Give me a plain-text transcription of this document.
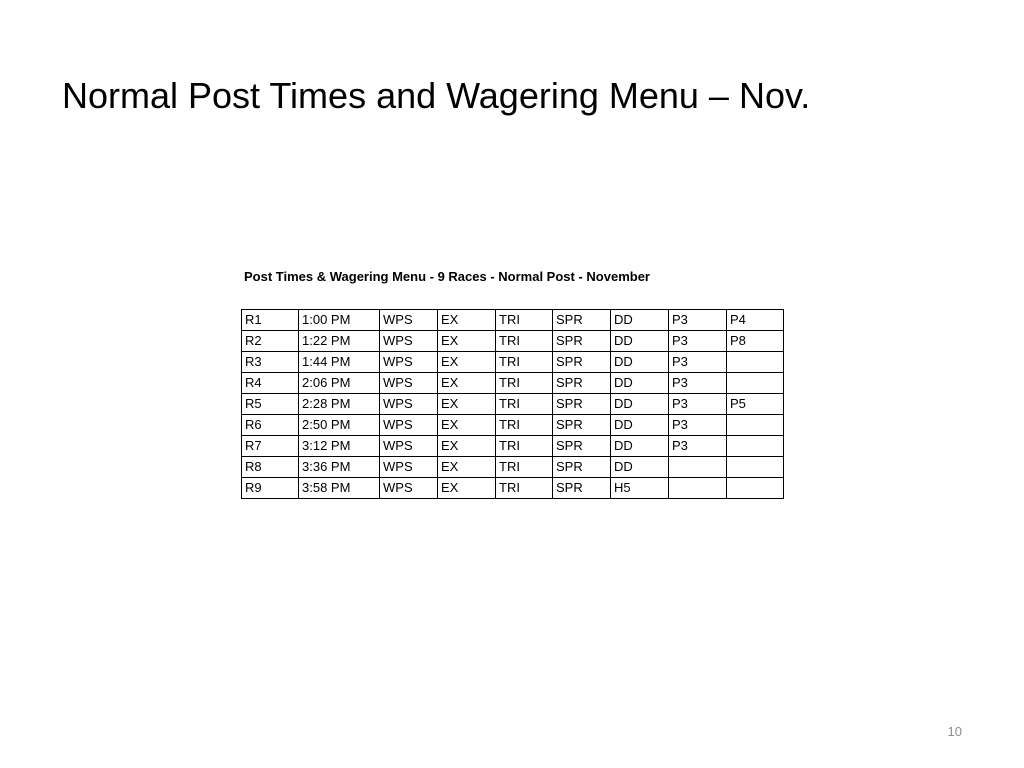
Normal Post Times and Wagering Menu – Nov.
Post Times & Wagering Menu - 9 Races - Normal Post - November
R1	1:00 PM	WPS	EX	TRI	SPR	DD	P3	P4
R2	1:22 PM	WPS	EX	TRI	SPR	DD	P3	P8
R3	1:44 PM	WPS	EX	TRI	SPR	DD	P3	
R4	2:06 PM	WPS	EX	TRI	SPR	DD	P3	
R5	2:28 PM	WPS	EX	TRI	SPR	DD	P3	P5
R6	2:50 PM	WPS	EX	TRI	SPR	DD	P3	
R7	3:12 PM	WPS	EX	TRI	SPR	DD	P3	
R8	3:36 PM	WPS	EX	TRI	SPR	DD		
R9	3:58 PM	WPS	EX	TRI	SPR	H5		
10
